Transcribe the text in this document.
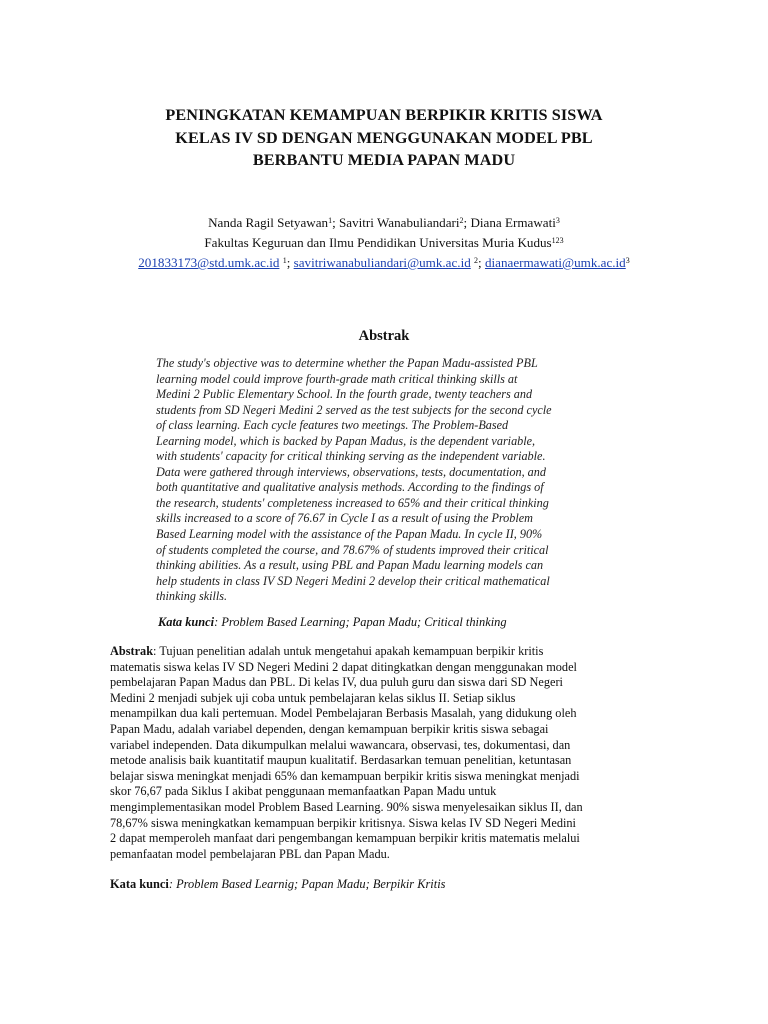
PENINGKATAN KEMAMPUAN BERPIKIR KRITIS SISWA
KELAS IV SD DENGAN MENGGUNAKAN MODEL PBL
BERBANTU MEDIA PAPAN MADU
Nanda Ragil Setyawan$^1$; Savitri Wanabuliandari$^2$; Diana Ermawati$^3$
Fakultas Keguruan dan Ilmu Pendidikan Universitas Muria Kudus$^{123}$
201833173@std.umk.ac.id $^1$; savitriwanabuliandari@umk.ac.id $^2$; $dianaermawati@umk.ac.id^3$
Abstrak
The study's objective was to determine whether the Papan Madu-assisted PBL
learning model could improve fourth-grade math critical thinking skills at
Medini 2 Public Elementary School. In the fourth grade, twenty teachers and
students from SD Negeri Medini 2 served as the test subjects for the second cycle
of class learning. Each cycle features two meetings. The Problem-Based
Learning model, which is backed by Papan Madus, is the dependent variable,
with students' capacity for critical thinking serving as the independent variable.
Data were gathered through interviews, observations, tests, documentation, and
both quantitative and qualitative analysis methods. According to the findings of
the research, students' completeness increased to 65% and their critical thinking
skills increased to a score of 76.67 in Cycle I as a result of using the Problem
Based Learning model with the assistance of the Papan Madu. In cycle II, 90%
of students completed the course, and 78.67% of students improved their critical
thinking abilities. As a result, using PBL and Papan Madu learning models can
help students in class IV SD Negeri Medini 2 develop their critical mathematical
thinking skills.
Kata kunci: Problem Based Learning; Papan Madu; Critical thinking
Abstrak: Tujuan penelitian adalah untuk mengetahui apakah kemampuan berpikir kritis
matematis siswa kelas IV SD Negeri Medini 2 dapat ditingkatkan dengan menggunakan model
pembelajaran Papan Madus dan PBL. Di kelas IV, dua puluh guru dan siswa dari SD Negeri
Medini 2 menjadi subjek uji coba untuk pembelajaran kelas siklus II. Setiap siklus
menampilkan dua kali pertemuan. Model Pembelajaran Berbasis Masalah, yang didukung oleh
Papan Madu, adalah variabel dependen, dengan kemampuan berpikir kritis siswa sebagai
variabel independen. Data dikumpulkan melalui wawancara, observasi, tes, dokumentasi, dan
metode analisis baik kuantitatif maupun kualitatif. Berdasarkan temuan penelitian, ketuntasan
belajar siswa meningkat menjadi 65% dan kemampuan berpikir kritis siswa meningkat menjadi
skor 76,67 pada Siklus I akibat penggunaan memanfaatkan Papan Madu untuk
mengimplementasikan model Problem Based Learning. 90% siswa menyelesaikan siklus II, dan
78,67% siswa meningkatkan kemampuan berpikir kritisnya. Siswa kelas IV SD Negeri Medini
2 dapat memperoleh manfaat dari pengembangan kemampuan berpikir kritis matematis melalui
pemanfaatan model pembelajaran PBL dan Papan Madu.
Kata kunci: Problem Based Learnig; Papan Madu; Berpikir Kritis
